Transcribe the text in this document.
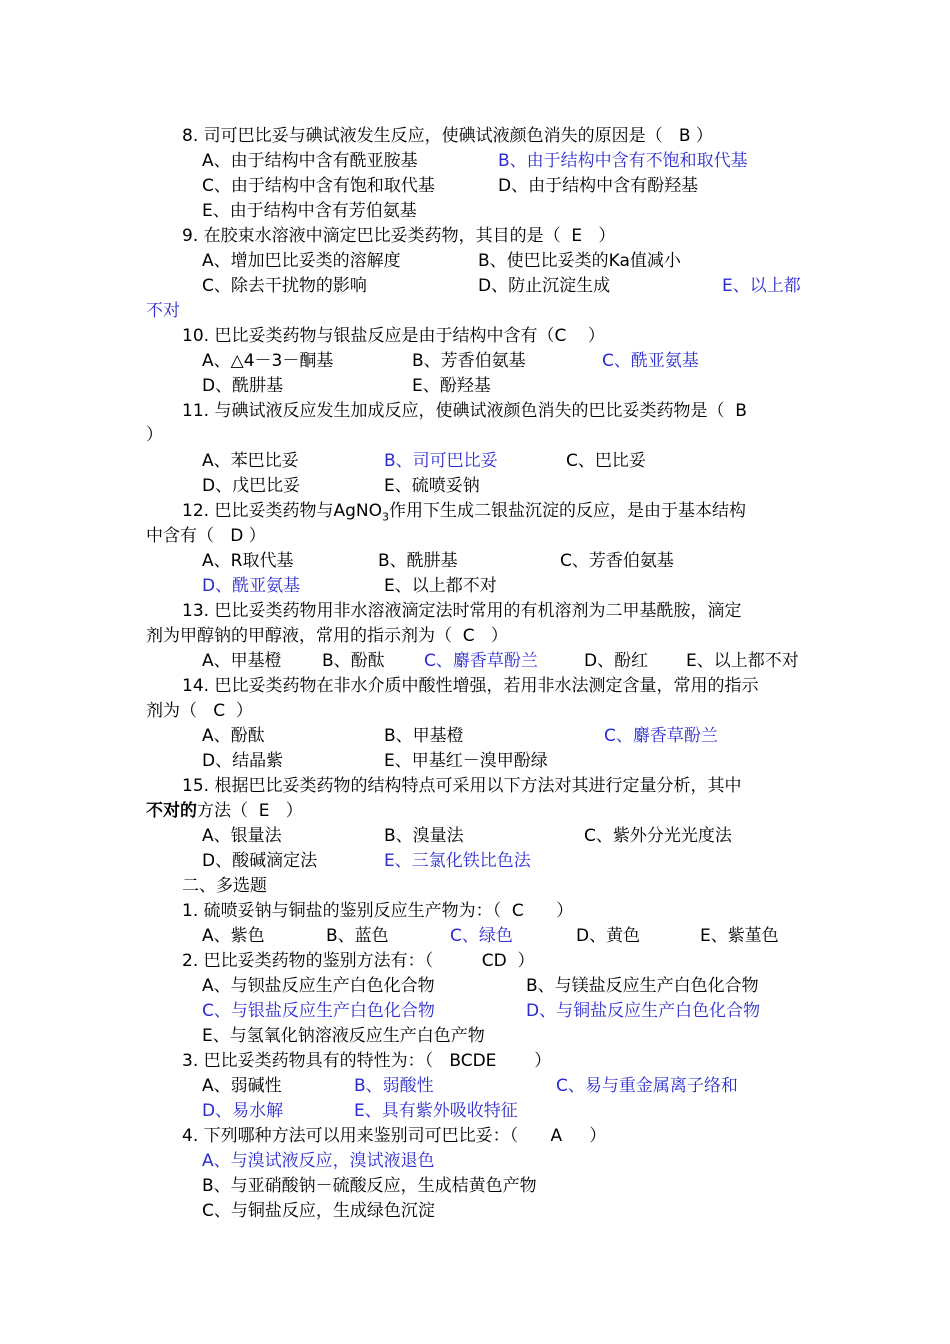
8. 司可巴比妥与碘试液发生反应，使碘试液颜色消失的原因是（   B ）
A、由于结构中含有酰亚胺基	B、由于结构中含有不饱和取代基
C、由于结构中含有饱和取代基	D、由于结构中含有酚羟基
E、由于结构中含有芳伯氨基
9. 在胶束水溶液中滴定巴比妥类药物，其目的是（  E   ）
A、增加巴比妥类的溶解度	B、使巴比妥类的Ka值减小
C、除去干扰物的影响	D、防止沉淀生成	E、以上都
不对
10. 巴比妥类药物与银盐反应是由于结构中含有（C    ）
A、△4－3－酮基	B、芳香伯氨基	C、酰亚氨基
D、酰肼基	E、酚羟基
11. 与碘试液反应发生加成反应，使碘试液颜色消失的巴比妥类药物是（  B
）
A、苯巴比妥	B、司可巴比妥	C、巴比妥
D、戊巴比妥	E、硫喷妥钠
12. 巴比妥类药物与AgNO$_3$作用下生成二银盐沉淀的反应，是由于基本结构
中含有（   D ）
A、R取代基	B、酰肼基	C、芳香伯氨基
D、酰亚氨基	E、以上都不对
13. 巴比妥类药物用非水溶液滴定法时常用的有机溶剂为二甲基酰胺，滴定
剂为甲醇钠的甲醇液，常用的指示剂为（  C   ）
A、甲基橙 B、酚酞 C、麝香草酚兰	D、酚红 E、以上都不对
14. 巴比妥类药物在非水介质中酸性增强，若用非水法测定含量，常用的指示
剂为（   C  ）
A、酚酞	B、甲基橙	C、麝香草酚兰
D、结晶紫	E、甲基红－溴甲酚绿
15. 根据巴比妥类药物的结构特点可采用以下方法对其进行定量分析，其中
不对的方法（  E   ）
A、银量法	B、溴量法	C、紫外分光光度法
D、酸碱滴定法	E、三氯化铁比色法
二、多选题
1. 硫喷妥钠与铜盐的鉴别反应生产物为：（  C      ）
A、紫色	B、蓝色	C、绿色	D、黄色	E、紫堇色
2. 巴比妥类药物的鉴别方法有：（         CD  ）
A、与钡盐反应生产白色化合物	B、与镁盐反应生产白色化合物
C、与银盐反应生产白色化合物	D、与铜盐反应生产白色化合物
E、与氢氧化钠溶液反应生产白色产物
3. 巴比妥类药物具有的特性为：（   BCDE       ）
A、弱碱性	B、弱酸性	C、易与重金属离子络和
D、易水解	E、具有紫外吸收特征
4. 下列哪种方法可以用来鉴别司可巴比妥：（      A     ）
A、与溴试液反应，溴试液退色
B、与亚硝酸钠－硫酸反应，生成桔黄色产物
C、与铜盐反应，生成绿色沉淀
